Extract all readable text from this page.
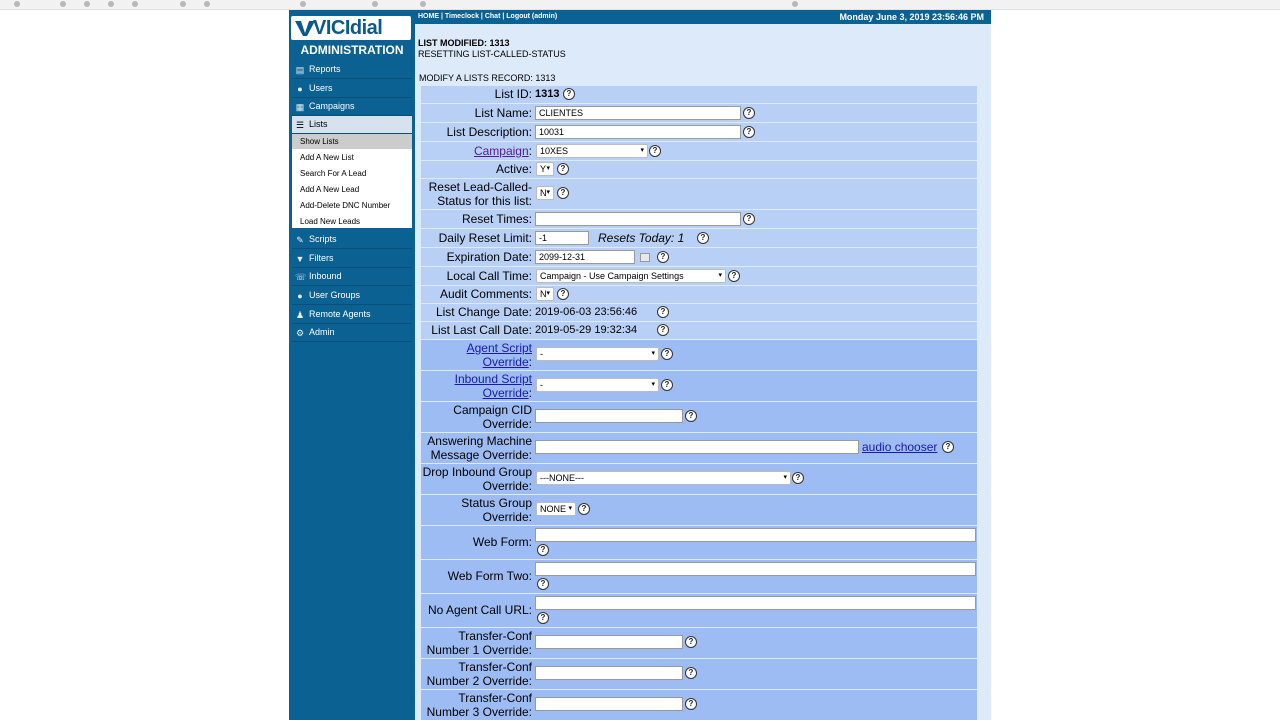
VICIdial
ADMINISTRATION
▤ Reports
● Users
▦ Campaigns
☰ Lists
Show Lists
Add A New List
Search For A Lead
Add A New Lead
Add-Delete DNC Number
Load New Leads
✎ Scripts
▼ Filters
☏ Inbound
● User Groups
♟ Remote Agents
⚙ Admin
HOME | Timeclock | Chat | Logout (admin)	Monday June 3, 2019 23:56:46 PM
LIST MODIFIED: 1313
RESETTING LIST-CALLED-STATUS
MODIFY A LISTS RECORD: 1313
List ID: 1313 ?
List Name: CLIENTES	?
List Description: 10031	?
Campaign: 10XES	▾	?
Active: Y ▾	?
Reset Lead-Called-
Status for this list:
N ▾	?
Reset Times:	?
Daily Reset Limit: -1	Resets Today: 1	?
Expiration Date: 2099-12-31	?
Local Call Time: Campaign - Use Campaign Settings	▾	?
Audit Comments: N ▾	?
List Change Date: 2019-06-03 23:56:46	?
List Last Call Date: 2019-05-29 19:32:34	?
Agent Script
Override:
-	▾	?
Inbound Script
Override:
-	▾	?
Campaign CID
Override:
?
Answering Machine
Message Override:
audio chooser	?
Drop Inbound Group
Override:
---NONE---	▾	?
Status Group
Override:
NONE ▾	?
Web Form:
?
Web Form Two:
?
No Agent Call URL:
?
Transfer-Conf
Number 1 Override:
?
Transfer-Conf
Number 2 Override:
?
Transfer-Conf
Number 3 Override:
?
